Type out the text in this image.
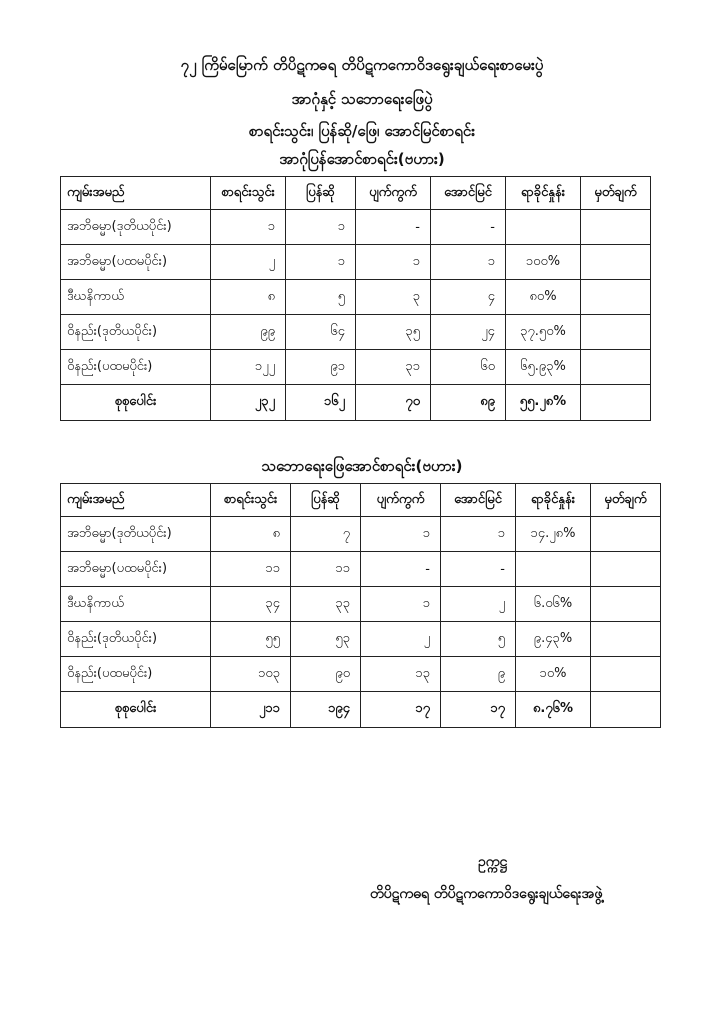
၇၂ ကြိမ်မြောက် တိပိဋကဓရ တိပိဋကကောဝိဒရွေးချယ်ရေးစာမေးပွဲ
အာဂုံနှင့် သဘောရေးဖြေပွဲ
စာရင်းသွင်း၊ ပြန်ဆို/ဖြေ၊ အောင်မြင်စာရင်း
အာဂုံပြန်အောင်စာရင်း(ဗဟား)
ကျမ်းအမည်	စာရင်းသွင်း	ပြန်ဆို	ပျက်ကွက်	အောင်မြင်	ရာခိုင်နှုန်း	မှတ်ချက်
အဘိဓမ္မာ(ဒုတိယပိုင်း)	၁	၁	-	-		
အဘိဓမ္မာ(ပထမပိုင်း)	၂	၁	၁	၁	၁၀၀%	
ဒီဃနိကာယ်	၈	၅	၃	၄	၈၀%	
ဝိနည်း(ဒုတိယပိုင်း)	၉၉	၆၄	၃၅	၂၄	၃၇.၅၀%	
ဝိနည်း(ပထမပိုင်း)	၁၂၂	၉၁	၃၁	၆၀	၆၅.၉၃%	
စုစုပေါင်း	၂၃၂	၁၆၂	၇၀	၈၉	၅၅.၂၈%	
သဘောရေးဖြေအောင်စာရင်း(ဗဟား)
ကျမ်းအမည်	စာရင်းသွင်း	ပြန်ဆို	ပျက်ကွက်	အောင်မြင်	ရာခိုင်နှုန်း	မှတ်ချက်
အဘိဓမ္မာ(ဒုတိယပိုင်း)	၈	၇	၁	၁	၁၄.၂၈%	
အဘိဓမ္မာ(ပထမပိုင်း)	၁၁	၁၁	-	-		
ဒီဃနိကာယ်	၃၄	၃၃	၁	၂	၆.၀၆%	
ဝိနည်း(ဒုတိယပိုင်း)	၅၅	၅၃	၂	၅	၉.၄၃%	
ဝိနည်း(ပထမပိုင်း)	၁၀၃	၉၀	၁၃	၉	၁၀%	
စုစုပေါင်း	၂၁၁	၁၉၄	၁၇	၁၇	၈.၇၆%	
ဥက္ကဋ္ဌ
တိပိဋကဓရ တိပိဋကကောဝိဒရွေးချယ်ရေးအဖွဲ့
